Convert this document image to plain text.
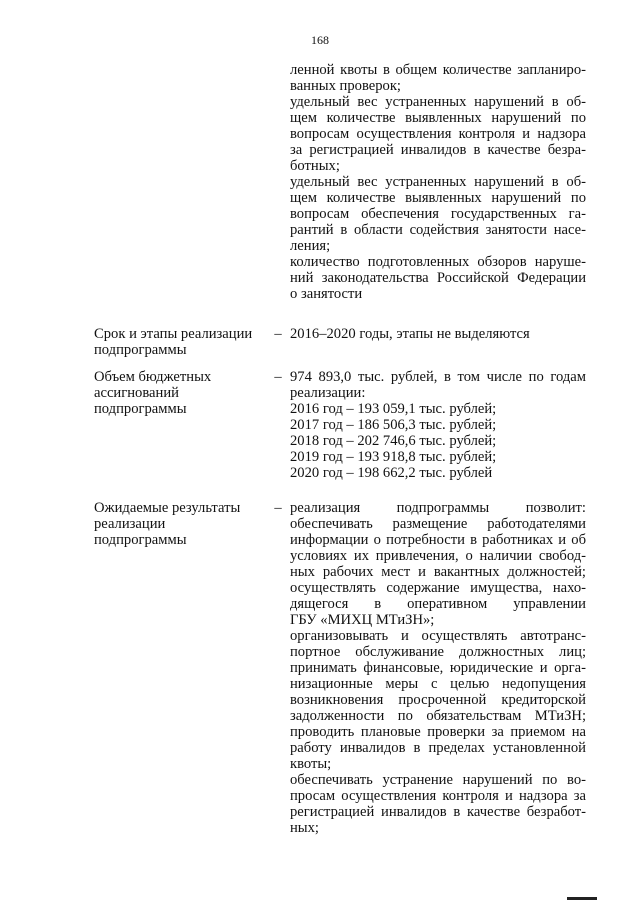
168
ленной квоты в общем количестве запланиро-
ванных проверок;
удельный вес устраненных нарушений в об-
щем количестве выявленных нарушений по
вопросам осуществления контроля и надзора
за регистрацией инвалидов в качестве безра-
ботных;
удельный вес устраненных нарушений в об-
щем количестве выявленных нарушений по
вопросам обеспечения государственных га-
рантий в области содействия занятости насе-
ления;
количество подготовленных обзоров наруше-
ний законодательства Российской Федерации
о занятости
Срок и этапы реализации
подпрограммы
– 2016–2020 годы, этапы не выделяются
Объем бюджетных
ассигнований
подпрограммы
– 974 893,0 тыс. рублей, в том числе по годам
реализации:
2016 год – 193 059,1 тыс. рублей;
2017 год – 186 506,3 тыс. рублей;
2018 год – 202 746,6 тыс. рублей;
2019 год – 193 918,8 тыс. рублей;
2020 год – 198 662,2 тыс. рублей
Ожидаемые результаты
реализации
подпрограммы
– реализация подпрограммы позволит:
обеспечивать размещение работодателями
информации о потребности в работниках и об
условиях их привлечения, о наличии свобод-
ных рабочих мест и вакантных должностей;
осуществлять содержание имущества, нахо-
дящегося в оперативном управлении
ГБУ «МИХЦ МТиЗН»;
организовывать и осуществлять автотранс-
портное обслуживание должностных лиц;
принимать финансовые, юридические и орга-
низационные меры с целью недопущения
возникновения просроченной кредиторской
задолженности по обязательствам МТиЗН;
проводить плановые проверки за приемом на
работу инвалидов в пределах установленной
квоты;
обеспечивать устранение нарушений по во-
просам осуществления контроля и надзора за
регистрацией инвалидов в качестве безработ-
ных;
